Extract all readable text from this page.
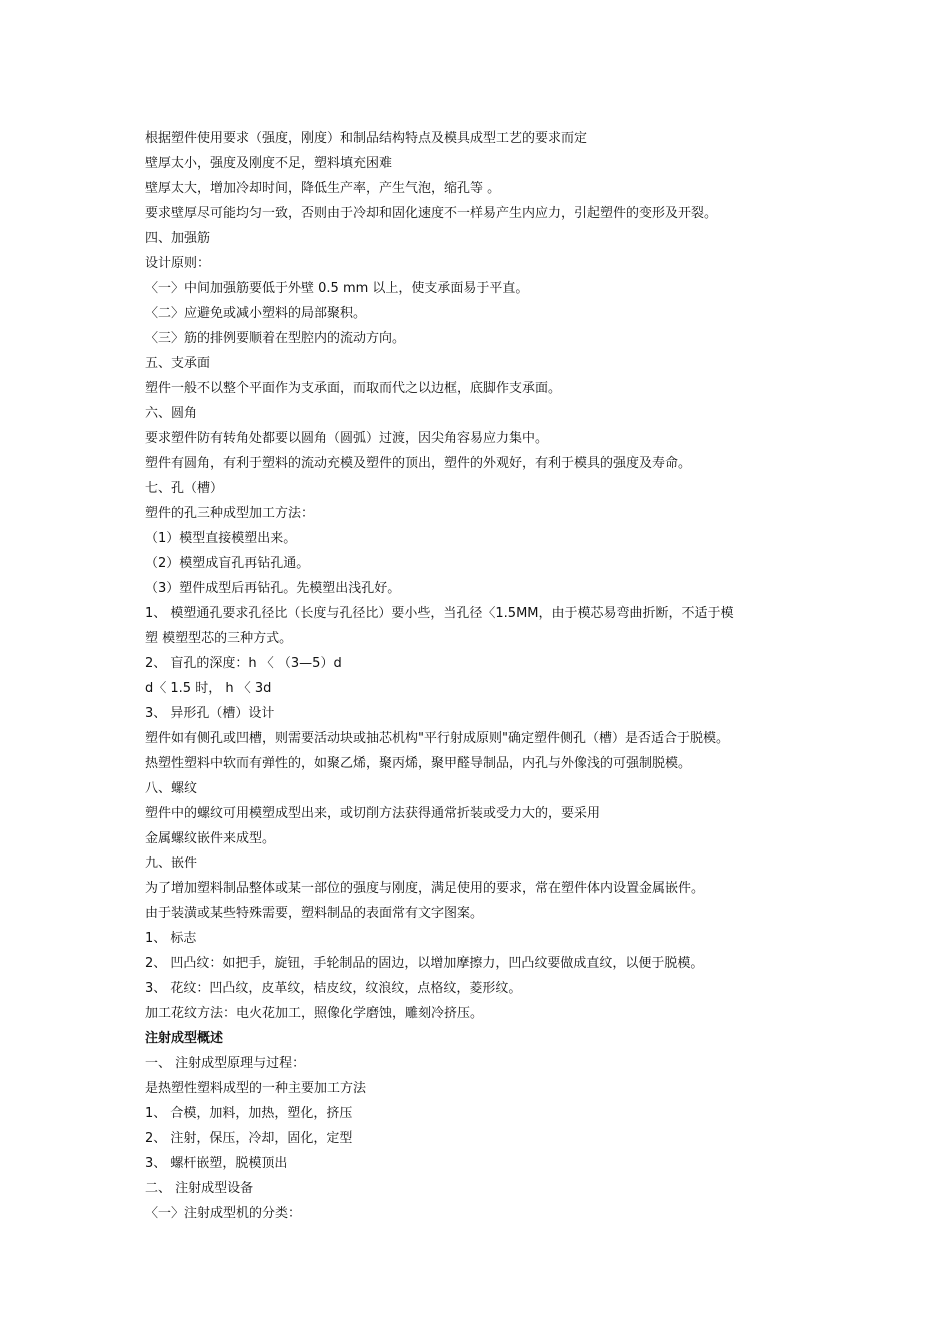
根据塑件使用要求（强度，刚度）和制品结构特点及模具成型工艺的要求而定

壁厚太小，强度及刚度不足，塑料填充困难

壁厚太大，增加冷却时间，降低生产率，产生气泡，缩孔等 。

要求壁厚尽可能均匀一致，否则由于冷却和固化速度不一样易产生内应力，引起塑件的变形及开裂。

四、加强筋

设计原则：

〈一〉中间加强筋要低于外壁 0.5 mm 以上，使支承面易于平直。

〈二〉应避免或减小塑料的局部聚积。

〈三〉筋的排例要顺着在型腔内的流动方向。

五、支承面

塑件一般不以整个平面作为支承面，而取而代之以边框，底脚作支承面。

六、圆角

要求塑件防有转角处都要以圆角（圆弧）过渡，因尖角容易应力集中。

塑件有圆角，有利于塑料的流动充模及塑件的顶出，塑件的外观好，有利于模具的强度及寿命。

七、孔（槽）

塑件的孔三种成型加工方法：

（1）模型直接模塑出来。

（2）模塑成盲孔再钻孔通。

（3）塑件成型后再钻孔。先模塑出浅孔好。

1、 模塑通孔要求孔径比（长度与孔径比）要小些，当孔径〈1.5MM，由于模芯易弯曲折断，不适于模

塑 模塑型芯的三种方式。

2、 盲孔的深度：h 〈 （3—5）d

d〈 1.5 时， h 〈 3d

3、 异形孔（槽）设计

塑件如有侧孔或凹槽，则需要活动块或抽芯机构"平行射成原则"确定塑件侧孔（槽）是否适合于脱模。

热塑性塑料中软而有弹性的，如聚乙烯，聚丙烯，聚甲醛导制品，内孔与外像浅的可强制脱模。

八、螺纹

塑件中的螺纹可用模塑成型出来，或切削方法获得通常折装或受力大的，要采用

金属螺纹嵌件来成型。

九、嵌件

为了增加塑料制品整体或某一部位的强度与刚度，满足使用的要求，常在塑件体内设置金属嵌件。

由于装潢或某些特殊需要，塑料制品的表面常有文字图案。

1、 标志

2、 凹凸纹：如把手，旋钮，手轮制品的固边，以增加摩擦力，凹凸纹要做成直纹，以便于脱模。

3、 花纹：凹凸纹，皮革纹，桔皮纹，纹浪纹，点格纹，菱形纹。

加工花纹方法：电火花加工，照像化学磨蚀，雕刻冷挤压。

注射成型概述

一、 注射成型原理与过程：

是热塑性塑料成型的一种主要加工方法

1、 合模，加料，加热，塑化，挤压

2、 注射，保压，冷却，固化，定型

3、 螺杆嵌塑，脱模顶出

二、 注射成型设备

〈一〉注射成型机的分类：
